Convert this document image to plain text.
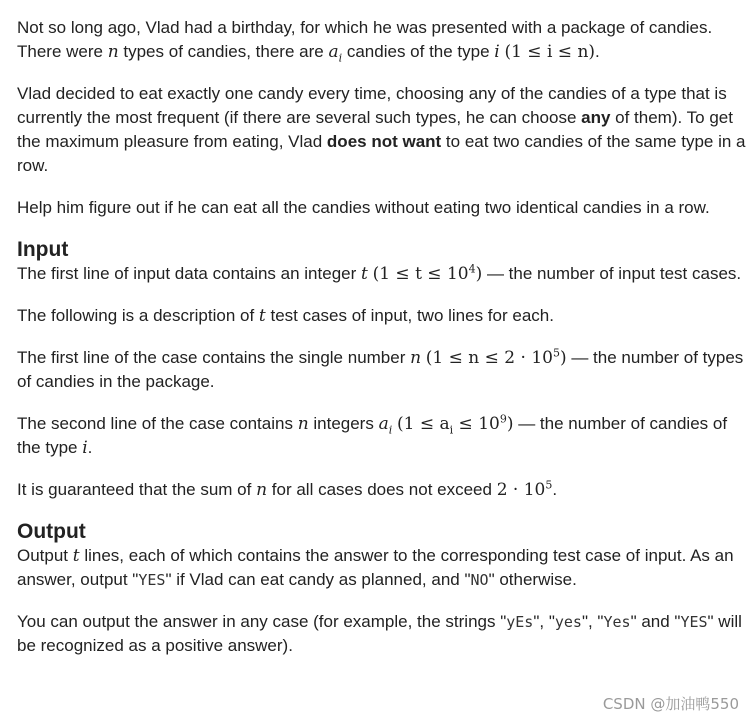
Not so long ago, Vlad had a birthday, for which he was presented with a package of candies. There were n types of candies, there are $a_i$ candies of the type i (1 ≤ i ≤ n).

Vlad decided to eat exactly one candy every time, choosing any of the candies of a type that is currently the most frequent (if there are several such types, he can choose any of them). To get the maximum pleasure from eating, Vlad does not want to eat two candies of the same type in a row.

Help him figure out if he can eat all the candies without eating two identical candies in a row.

Input

The first line of input data contains an integer t $(1 \le t \le 10^4)$ — the number of input test cases.

The following is a description of t test cases of input, two lines for each.

The first line of the case contains the single number n $(1 \le n \le 2 \cdot 10^5)$ — the number of types of candies in the package.

The second line of the case contains n integers $a_i$ $(1 \le a_i \le 10^9)$ — the number of candies of the type i.

It is guaranteed that the sum of n for all cases does not exceed $2 \cdot 10^5$.

Output

Output t lines, each of which contains the answer to the corresponding test case of input. As an answer, output "YES" if Vlad can eat candy as planned, and "NO" otherwise.

You can output the answer in any case (for example, the strings "yEs", "yes", "Yes" and "YES" will be recognized as a positive answer).

CSDN @加油鸭550
